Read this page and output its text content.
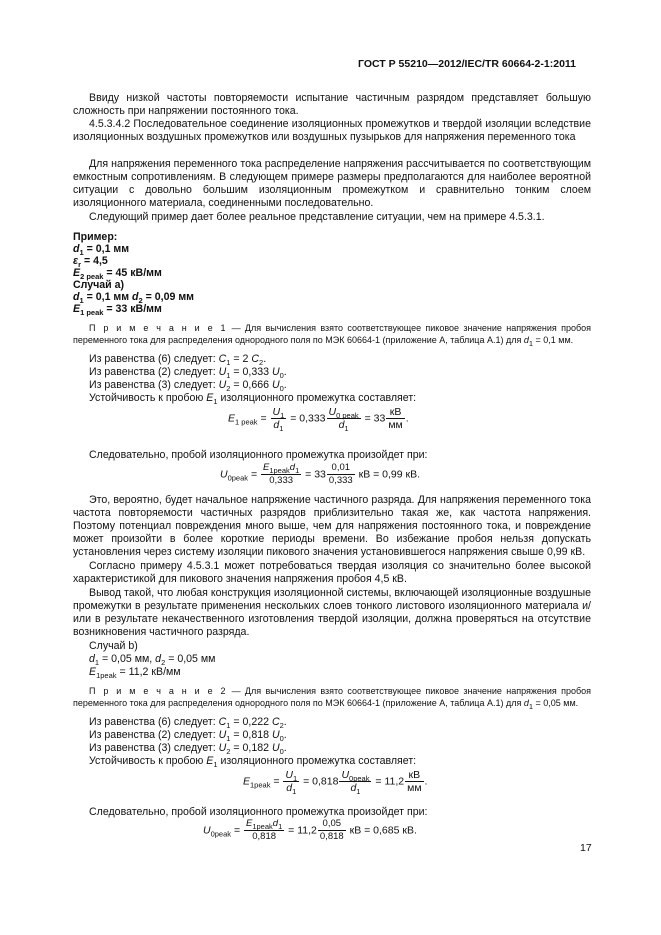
ГОСТ Р 55210—2012/IEC/TR 60664-2-1:2011
Ввиду низкой частоты повторяемости испытание частичным разрядом представляет большую сложность при напряжении постоянного тока.
4.5.3.4.2 Последовательное соединение изоляционных промежутков и твердой изоляции вследствие изоляционных воздушных промежутков или воздушных пузырьков для напряжения переменного тока
Для напряжения переменного тока распределение напряжения рассчитывается по соответствующим емкостным сопротивлениям. В следующем примере размеры предполагаются для наиболее вероятной ситуации с довольно большим изоляционным промежутком и сравнительно тонким слоем изоляционного материала, соединенными последовательно.
Следующий пример дает более реальное представление ситуации, чем на примере 4.5.3.1.
Пример:
$d_1 = 0,1$ мм
$\varepsilon_r = 4,5$
$E_{2 peak} = 45$ кВ/мм
Случай а)
$d_1 = 0,1$ мм $d_2 = 0,09$ мм
$E_{1 peak} = 33$ кВ/мм
П р и м е ч а н и е 1 — Для вычисления взято соответствующее пиковое значение напряжения пробоя переменного тока для распределения однородного поля по МЭК 60664-1 (приложение А, таблица А.1) для $d_1 = 0,1$ мм.
Из равенства (6) следует: $C_1 = 2$ $C_2$.
Из равенства (2) следует: $U_1 = 0,333$ $U_0$.
Из равенства (3) следует: $U_2 = 0,666$ $U_0$.
Устойчивость к пробою $E_1$ изоляционного промежутка составляет:
$E_{1 peak} = \frac{U_1}{d_1} = 0,333 \frac{U_{0 peak}}{d_1} = 33 \frac{кВ}{мм}$ .
Следовательно, пробой изоляционного промежутка произойдет при:
$U_{0peak} = \frac{E_{1peak}d_1}{0,333} = 33 \frac{0,01}{0,333}$ кВ = 0,99 кВ.
Это, вероятно, будет начальное напряжение частичного разряда. Для напряжения переменного тока частота повторяемости частичных разрядов приблизительно такая же, как частота напряжения. Поэтому потенциал повреждения много выше, чем для напряжения постоянного тока, и повреждение может произойти в более короткие периоды времени. Во избежание пробоя нельзя допускать установления через систему изоляции пикового значения установившегося напряжения свыше 0,99 кВ.
Согласно примеру 4.5.3.1 может потребоваться твердая изоляция со значительно более высокой характеристикой для пикового значения напряжения пробоя 4,5 кВ.
Вывод такой, что любая конструкция изоляционной системы, включающей изоляционные воздушные промежутки в результате применения нескольких слоев тонкого листового изоляционного материала и/или в результате некачественного изготовления твердой изоляции, должна проверяться на отсутствие возникновения частичного разряда.
Случай b)
$d_1 = 0,05$ мм, $d_2 = 0,05$ мм
$E_{1peak} = 11,2$ кВ/мм
П р и м е ч а н и е 2 — Для вычисления взято соответствующее пиковое значение напряжения пробоя переменного тока для распределения однородного поля по МЭК 60664-1 (приложение А, таблица А.1) для $d_1 = 0,05$ мм.
Из равенства (6) следует: $C_1 = 0,222$ $C_2$.
Из равенства (2) следует: $U_1 = 0,818$ $U_0$.
Из равенства (3) следует: $U_2 = 0,182$ $U_0$.
Устойчивость к пробою $E_1$ изоляционного промежутка составляет:
$E_{1peak} = \frac{U_1}{d_1} = 0,818 \frac{U_{0peak}}{d_1} = 11,2 \frac{кВ}{мм}$ .
Следовательно, пробой изоляционного промежутка произойдет при:
$U_{0peak} = \frac{E_{1peak}d_1}{0,818} = 11,2 \frac{0,05}{0,818}$ кВ = 0,685 кВ.
17
